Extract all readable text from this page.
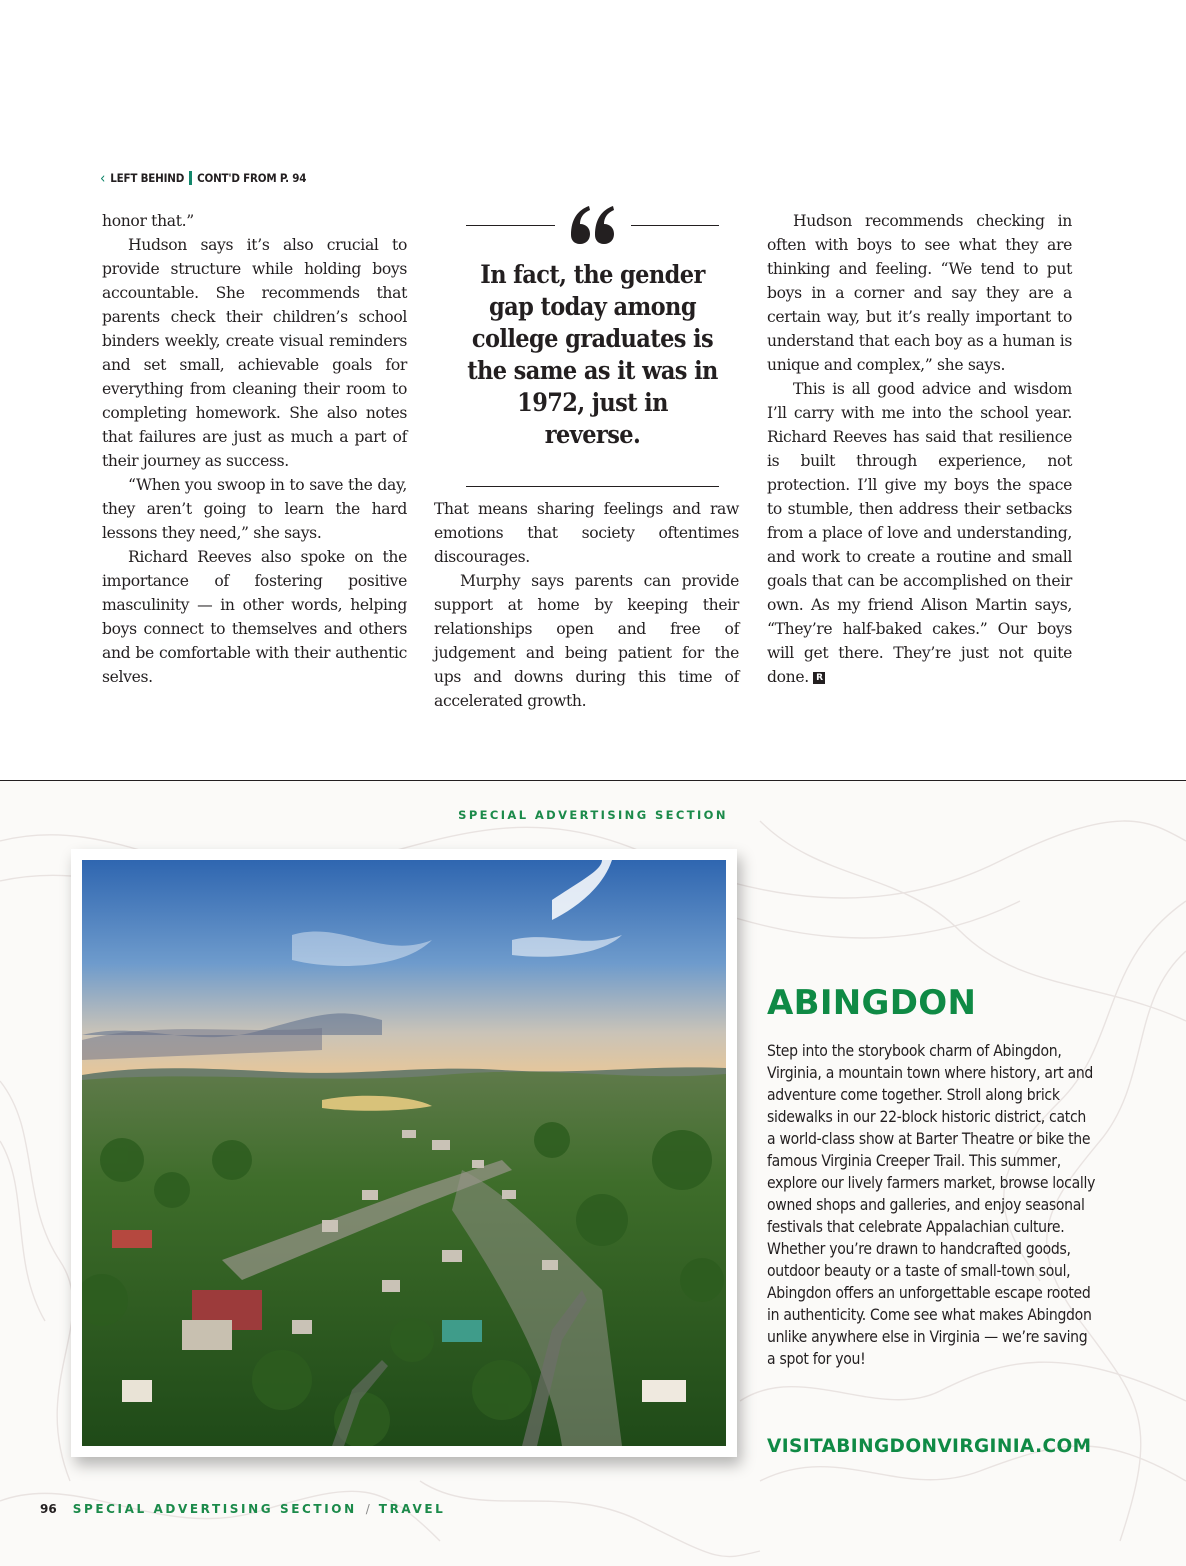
‹ LEFT BEHIND CONT'D FROM P. 94

honor that.”

Hudson says it’s also crucial to provide structure while holding boys accountable. She recommends that parents check their children’s school binders weekly, create visual reminders and set small, achievable goals for everything from cleaning their room to completing homework. She also notes that failures are just as much a part of their journey as success.

“When you swoop in to save the day, they aren’t going to learn the hard lessons they need,” she says.

Richard Reeves also spoke on the importance of fostering positive masculinity — in other words, helping boys connect to themselves and others and be comfortable with their authentic selves.

In fact, the gender gap today among college graduates is the same as it was in 1972, just in reverse.

That means sharing feelings and raw emotions that society oftentimes discourages.

Murphy says parents can provide support at home by keeping their relationships open and free of judgement and being patient for the ups and downs during this time of accelerated growth.

Hudson recommends checking in often with boys to see what they are thinking and feeling. “We tend to put boys in a corner and say they are a certain way, but it’s really important to understand that each boy as a human is unique and complex,” she says.

This is all good advice and wisdom I’ll carry with me into the school year. Richard Reeves has said that resilience is built through experience, not protection. I’ll give my boys the space to stumble, then address their setbacks from a place of love and understanding, and work to create a routine and small goals that can be accomplished on their own. As my friend Alison Martin says, “They’re half-baked cakes.” Our boys will get there. They’re just not quite done. R

SPECIAL ADVERTISING SECTION
ABINGDON

Step into the storybook charm of Abingdon, Virginia, a mountain town where history, art and adventure come together. Stroll along brick sidewalks in our 22-block historic district, catch a world-class show at Barter Theatre or bike the famous Virginia Creeper Trail. This summer, explore our lively farmers market, browse locally owned shops and galleries, and enjoy seasonal festivals that celebrate Appalachian culture. Whether you’re drawn to handcrafted goods, outdoor beauty or a taste of small-town soul, Abingdon offers an unforgettable escape rooted in authenticity. Come see what makes Abingdon unlike anywhere else in Virginia — we’re saving a spot for you!

VISITABINGDONVIRGINIA.COM
96 SPECIAL ADVERTISING SECTION / TRAVEL
